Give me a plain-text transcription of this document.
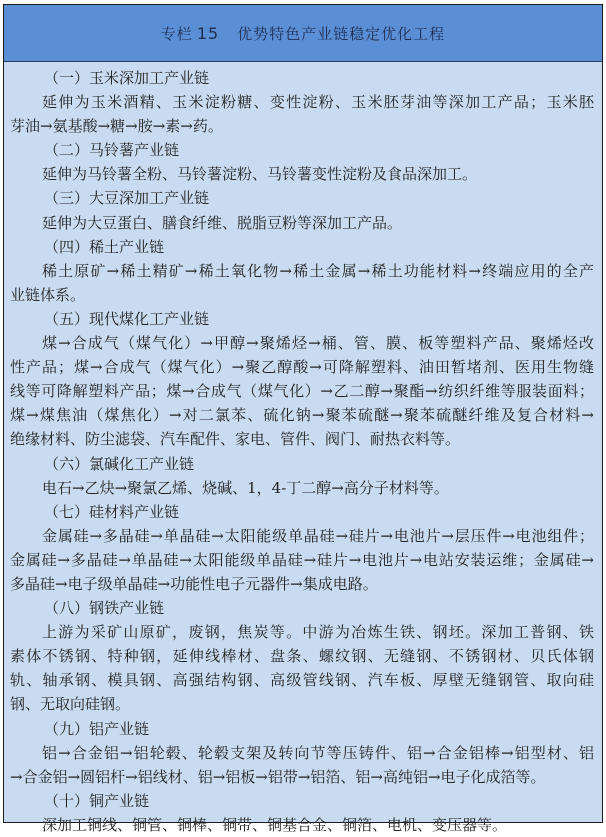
专栏 15 优势特色产业链稳定优化工程
（一）玉米深加工产业链
延伸为玉米酒精、玉米淀粉糖、变性淀粉、玉米胚芽油等深加工产品；玉米胚
芽油→氨基酸→糖→胺→素→药。
（二）马铃薯产业链
延伸为马铃薯全粉、马铃薯淀粉、马铃薯变性淀粉及食品深加工。
（三）大豆深加工产业链
延伸为大豆蛋白、膳食纤维、脱脂豆粉等深加工产品。
（四）稀土产业链
稀土原矿→稀土精矿→稀土氧化物→稀土金属→稀土功能材料→终端应用的全产
业链体系。
（五）现代煤化工产业链
煤→合成气（煤气化）→甲醇→聚烯烃→桶、管、膜、板等塑料产品、聚烯烃改
性产品；煤→合成气（煤气化）→聚乙醇酸→可降解塑料、油田暂堵剂、医用生物缝
线等可降解塑料产品；煤→合成气（煤气化）→乙二醇→聚酯→纺织纤维等服装面料；
煤→煤焦油（煤焦化）→对二氯苯、硫化钠→聚苯硫醚→聚苯硫醚纤维及复合材料→
绝缘材料、防尘滤袋、汽车配件、家电、管件、阀门、耐热衣料等。
（六）氯碱化工产业链
电石→乙炔→聚氯乙烯、烧碱、1，4-丁二醇→高分子材料等。
（七）硅材料产业链
金属硅→多晶硅→单晶硅→太阳能级单晶硅→硅片→电池片→层压件→电池组件；
金属硅→多晶硅→单晶硅→太阳能级单晶硅→硅片→电池片→电站安装运维；金属硅→
多晶硅→电子级单晶硅→功能性电子元器件→集成电路。
（八）钢铁产业链
上游为采矿山原矿，废钢，焦炭等。中游为冶炼生铁、钢坯。深加工普钢、铁
素体不锈钢、特种钢，延伸线棒材、盘条、螺纹钢、无缝钢、不锈钢材、贝氏体钢
轨、轴承钢、模具钢、高强结构钢、高级管线钢、汽车板、厚壁无缝钢管、取向硅
钢、无取向硅钢。
（九）铝产业链
铝→合金铝→铝轮毂、轮毂支架及转向节等压铸件、铝→合金铝棒→铝型材、铝
→合金铝→圆铝杆→铝线材、铝→铝板→铝带→铝箔、铝→高纯铝→电子化成箔等。
（十）铜产业链
深加工铜线、铜管、铜棒、铜带、铜基合金、铜箔、电机、变压器等。
